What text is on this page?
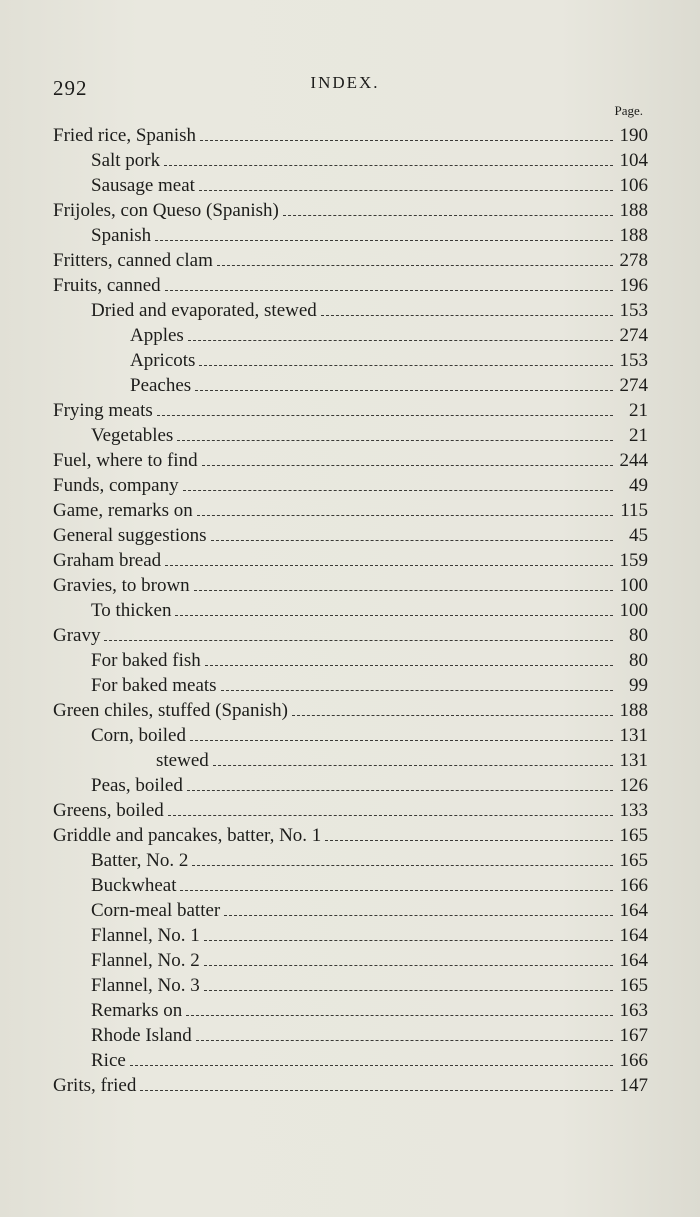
292	INDEX.
Page.
Fried rice, Spanish	190
Salt pork	104
Sausage meat	106
Frijoles, con Queso (Spanish)	188
Spanish	188
Fritters, canned clam	278
Fruits, canned	196
Dried and evaporated, stewed	153
Apples	274
Apricots	153
Peaches	274
Frying meats	21
Vegetables	21
Fuel, where to find	244
Funds, company	49
Game, remarks on	115
General suggestions	45
Graham bread	159
Gravies, to brown	100
To thicken	100
Gravy	80
For baked fish	80
For baked meats	99
Green chiles, stuffed (Spanish)	188
Corn, boiled	131
stewed	131
Peas, boiled	126
Greens, boiled	133
Griddle and pancakes, batter, No. 1	165
Batter, No. 2	165
Buckwheat	166
Corn-meal batter	164
Flannel, No. 1	164
Flannel, No. 2	164
Flannel, No. 3	165
Remarks on	163
Rhode Island	167
Rice	166
Grits, fried	147
